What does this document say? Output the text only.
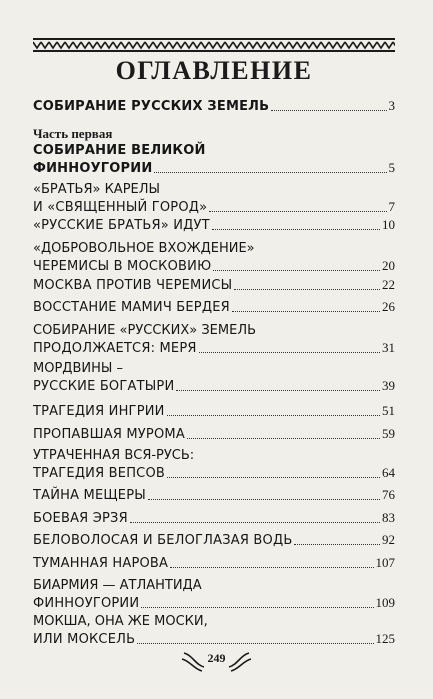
ОГЛАВЛЕНИЕ
СОБИРАНИЕ РУССКИХ ЗЕМЕЛЬ	3
СОБИРАНИЕ ВЕЛИКОЙ
ФИННОУГОРИИ	5
«БРАТЬЯ» КАРЕЛЫ
И «СВЯЩЕННЫЙ ГОРОД»	7
«РУССКИЕ БРАТЬЯ» ИДУТ	10
«ДОБРОВОЛЬНОЕ ВХОЖДЕНИЕ»
ЧЕРЕМИСЫ В МОСКОВИЮ	20
МОСКВА ПРОТИВ ЧЕРЕМИСЫ	22
ВОССТАНИЕ МАМИЧ БЕРДЕЯ	26
СОБИРАНИЕ «РУССКИХ» ЗЕМЕЛЬ
ПРОДОЛЖАЕТСЯ: МЕРЯ	31
МОРДВИНЫ –
РУССКИЕ БОГАТЫРИ	39
ТРАГЕДИЯ ИНГРИИ	51
ПРОПАВШАЯ МУРОМА	59
УТРАЧЕННАЯ ВСЯ-РУСЬ:
ТРАГЕДИЯ ВЕПСОВ	64
ТАЙНА МЕЩЕРЫ	76
БОЕВАЯ ЭРЗЯ	83
БЕЛОВОЛОСАЯ И БЕЛОГЛАЗАЯ ВОДЬ	92
ТУМАННАЯ НАРОВА	107
БИАРМИЯ — АТЛАНТИДА
ФИННОУГОРИИ	109
МОКША, ОНА ЖЕ МОСКИ,
ИЛИ МОКСЕЛЬ	125
Часть первая
249
